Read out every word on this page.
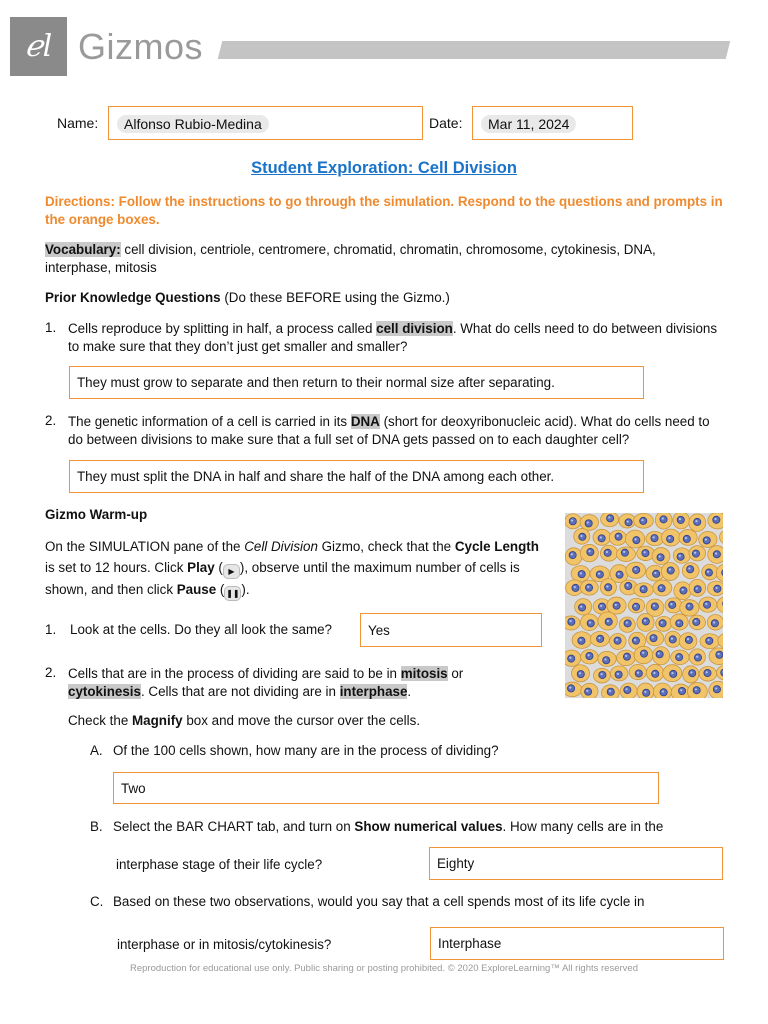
ℯl Gizmos
Name:	Alfonso Rubio-Medina	Date:	Mar 11, 2024
Student Exploration: Cell Division
Directions: Follow the instructions to go through the simulation. Respond to the questions and prompts in the orange boxes.
Vocabulary: cell division, centriole, centromere, chromatid, chromatin, chromosome, cytokinesis, DNA, interphase, mitosis
Prior Knowledge Questions (Do these BEFORE using the Gizmo.)
1. Cells reproduce by splitting in half, a process called cell division. What do cells need to do between divisions to make sure that they don’t just get smaller and smaller?
They must grow to separate and then return to their normal size after separating.
2. The genetic information of a cell is carried in its DNA (short for deoxyribonucleic acid). What do cells need to do between divisions to make sure that a full set of DNA gets passed on to each daughter cell?
They must split the DNA in half and share the half of the DNA among each other.
Gizmo Warm-up
On the SIMULATION pane of the Cell Division Gizmo, check that the Cycle Length is set to 12 hours. Click Play ( ▶ ), observe until the maximum number of cells is shown, and then click Pause ( ❚❚ ).
1. Look at the cells. Do they all look the same?	Yes
2. Cells that are in the process of dividing are said to be in mitosis or cytokinesis. Cells that are not dividing are in interphase.
Check the Magnify box and move the cursor over the cells.
A. Of the 100 cells shown, how many are in the process of dividing?
Two
B. Select the BAR CHART tab, and turn on Show numerical values. How many cells are in the
interphase stage of their life cycle?	Eighty
C. Based on these two observations, would you say that a cell spends most of its life cycle in
interphase or in mitosis/cytokinesis?	Interphase
Reproduction for educational use only. Public sharing or posting prohibited. © 2020 ExploreLearning™ All rights reserved
